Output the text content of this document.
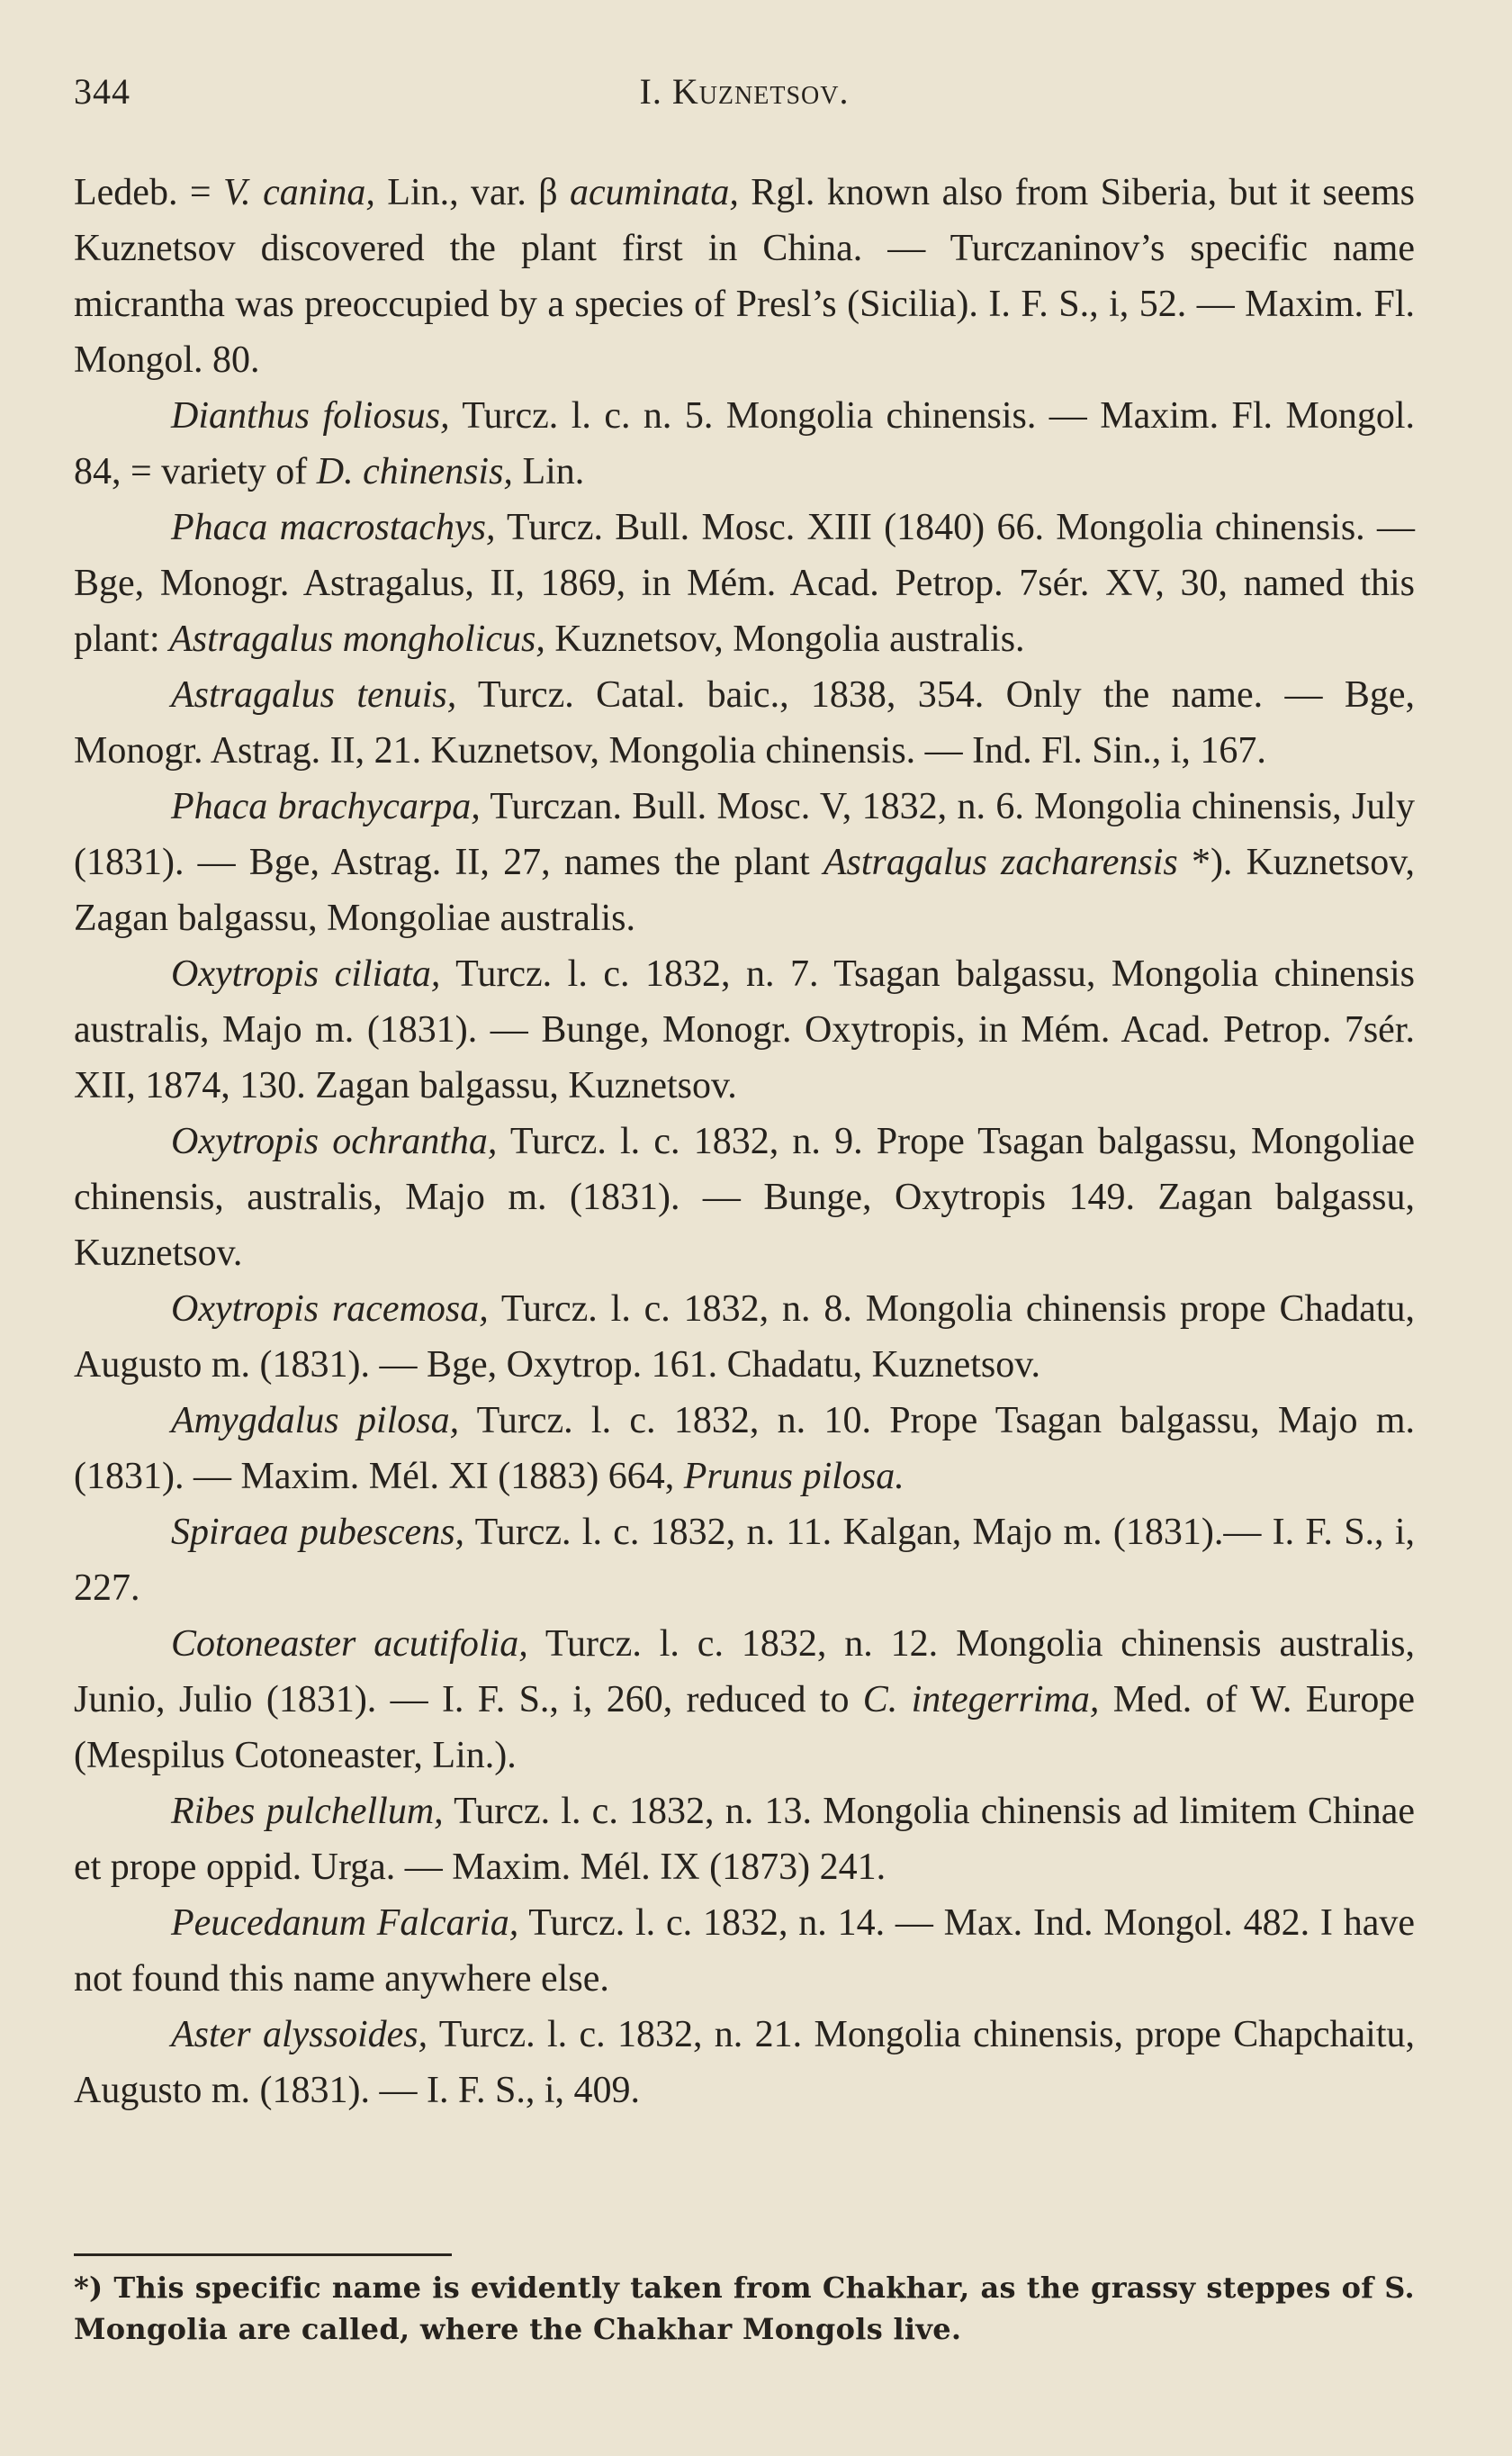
344	I. Kuznetsov.

Ledeb. = V. canina, Lin., var. β acuminata, Rgl. known also from Siberia, but it seems Kuznetsov discovered the plant first in China. — Turczaninov’s specific name micrantha was preoccupied by a species of Presl’s (Sicilia). I. F. S., i, 52. — Maxim. Fl. Mongol. 80.

Dianthus foliosus, Turcz. l. c. n. 5. Mongolia chinensis. — Maxim. Fl. Mongol. 84, = variety of D. chinensis, Lin.

Phaca macrostachys, Turcz. Bull. Mosc. XIII (1840) 66. Mongolia chinensis. — Bge, Monogr. Astragalus, II, 1869, in Mém. Acad. Petrop. 7sér. XV, 30, named this plant: Astragalus mongholicus, Kuznetsov, Mongolia australis.

Astragalus tenuis, Turcz. Catal. baic., 1838, 354. Only the name. — Bge, Monogr. Astrag. II, 21. Kuznetsov, Mongolia chinensis. — Ind. Fl. Sin., i, 167.

Phaca brachycarpa, Turczan. Bull. Mosc. V, 1832, n. 6. Mongolia chinensis, July (1831). — Bge, Astrag. II, 27, names the plant Astragalus zacharensis *). Kuznetsov, Zagan balgassu, Mongoliae australis.

Oxytropis ciliata, Turcz. l. c. 1832, n. 7. Tsagan balgassu, Mongolia chinensis australis, Majo m. (1831). — Bunge, Monogr. Oxytropis, in Mém. Acad. Petrop. 7sér. XII, 1874, 130. Zagan balgassu, Kuznetsov.

Oxytropis ochrantha, Turcz. l. c. 1832, n. 9. Prope Tsagan balgassu, Mongoliae chinensis, australis, Majo m. (1831). — Bunge, Oxytropis 149. Zagan balgassu, Kuznetsov.

Oxytropis racemosa, Turcz. l. c. 1832, n. 8. Mongolia chinensis prope Chadatu, Augusto m. (1831). — Bge, Oxytrop. 161. Chadatu, Kuznetsov.

Amygdalus pilosa, Turcz. l. c. 1832, n. 10. Prope Tsagan balgassu, Majo m. (1831). — Maxim. Mél. XI (1883) 664, Prunus pilosa.

Spiraea pubescens, Turcz. l. c. 1832, n. 11. Kalgan, Majo m. (1831).— I. F. S., i, 227.

Cotoneaster acutifolia, Turcz. l. c. 1832, n. 12. Mongolia chinensis australis, Junio, Julio (1831). — I. F. S., i, 260, reduced to C. integerrima, Med. of W. Europe (Mespilus Cotoneaster, Lin.).

Ribes pulchellum, Turcz. l. c. 1832, n. 13. Mongolia chinensis ad limitem Chinae et prope oppid. Urga. — Maxim. Mél. IX (1873) 241.

Peucedanum Falcaria, Turcz. l. c. 1832, n. 14. — Max. Ind. Mongol. 482. I have not found this name anywhere else.

Aster alyssoides, Turcz. l. c. 1832, n. 21. Mongolia chinensis, prope Chapchaitu, Augusto m. (1831). — I. F. S., i, 409.

*) This specific name is evidently taken from Chakhar, as the grassy steppes of S. Mongolia are called, where the Chakhar Mongols live.
